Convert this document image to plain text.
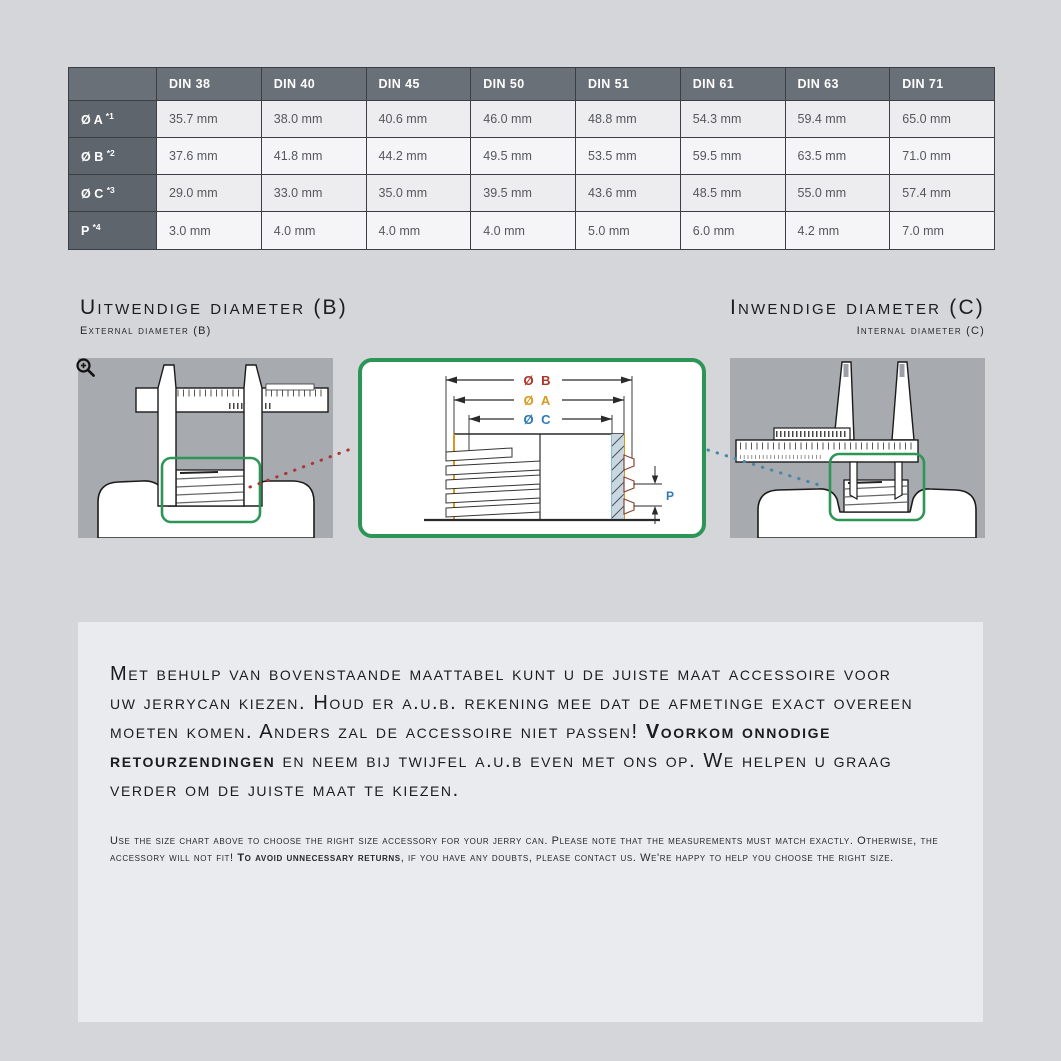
	DIN 38	DIN 40	DIN 45	DIN 50	DIN 51	DIN 61	DIN 63	DIN 71
Ø A $^{*1}$	35.7 mm	38.0 mm	40.6 mm	46.0 mm	48.8 mm	54.3 mm	59.4 mm	65.0 mm
Ø B $^{*2}$	37.6 mm	41.8 mm	44.2 mm	49.5 mm	53.5 mm	59.5 mm	63.5 mm	71.0 mm
Ø C $^{*3}$	29.0 mm	33.0 mm	35.0 mm	39.5 mm	43.6 mm	48.5 mm	55.0 mm	57.4 mm
P $^{*4}$	3.0 mm	4.0 mm	4.0 mm	4.0 mm	5.0 mm	6.0 mm	4.2 mm	7.0 mm
Uitwendige diameter (B)
External diameter (B)
Inwendige diameter (C)
Internal diameter (C)
Ø B
Ø A
Ø C
P

Met behulp van bovenstaande maattabel kunt u de juiste maat accessoire voor uw jerrycan kiezen. Houd er a.u.b. rekening mee dat de afmetinge exact overeen moeten komen. Anders zal de accessoire niet passen! Voorkom onnodige retourzendingen en neem bij twijfel a.u.b even met ons op. We helpen u graag verder om de juiste maat te kiezen.

Use the size chart above to choose the right size accessory for your jerry can. Please note that the measurements must match exactly. Otherwise, the accessory will not fit! To avoid unnecessary returns, if you have any doubts, please contact us. We're happy to help you choose the right size.
